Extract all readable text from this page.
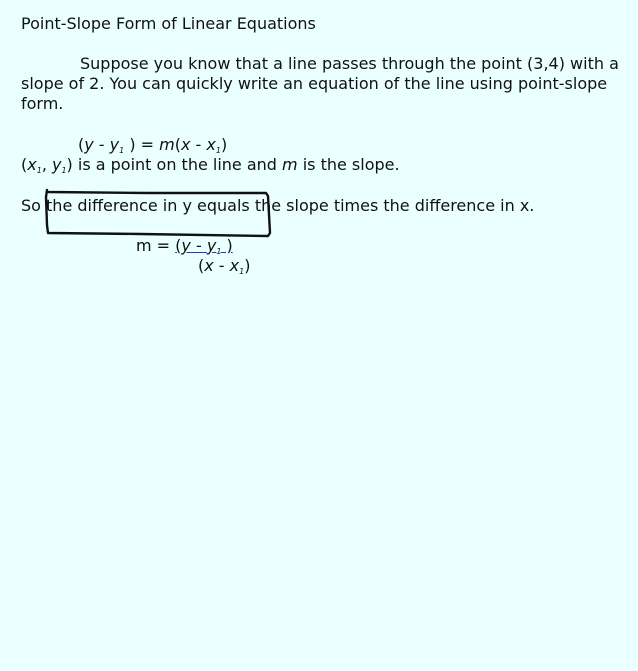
Point-Slope Form of Linear Equations
Suppose you know that a line passes through the point (3,4) with a
slope of 2. You can quickly write an equation of the line using point-slope
form.
($y - y_1$ ) = $m(x - x_1)$
($x_1$, $y_1$) is a point on the line and m is the slope.
So the difference in y equals the slope times the difference in x.
$m = (y - y_1$ )
$(x - x_1)$
